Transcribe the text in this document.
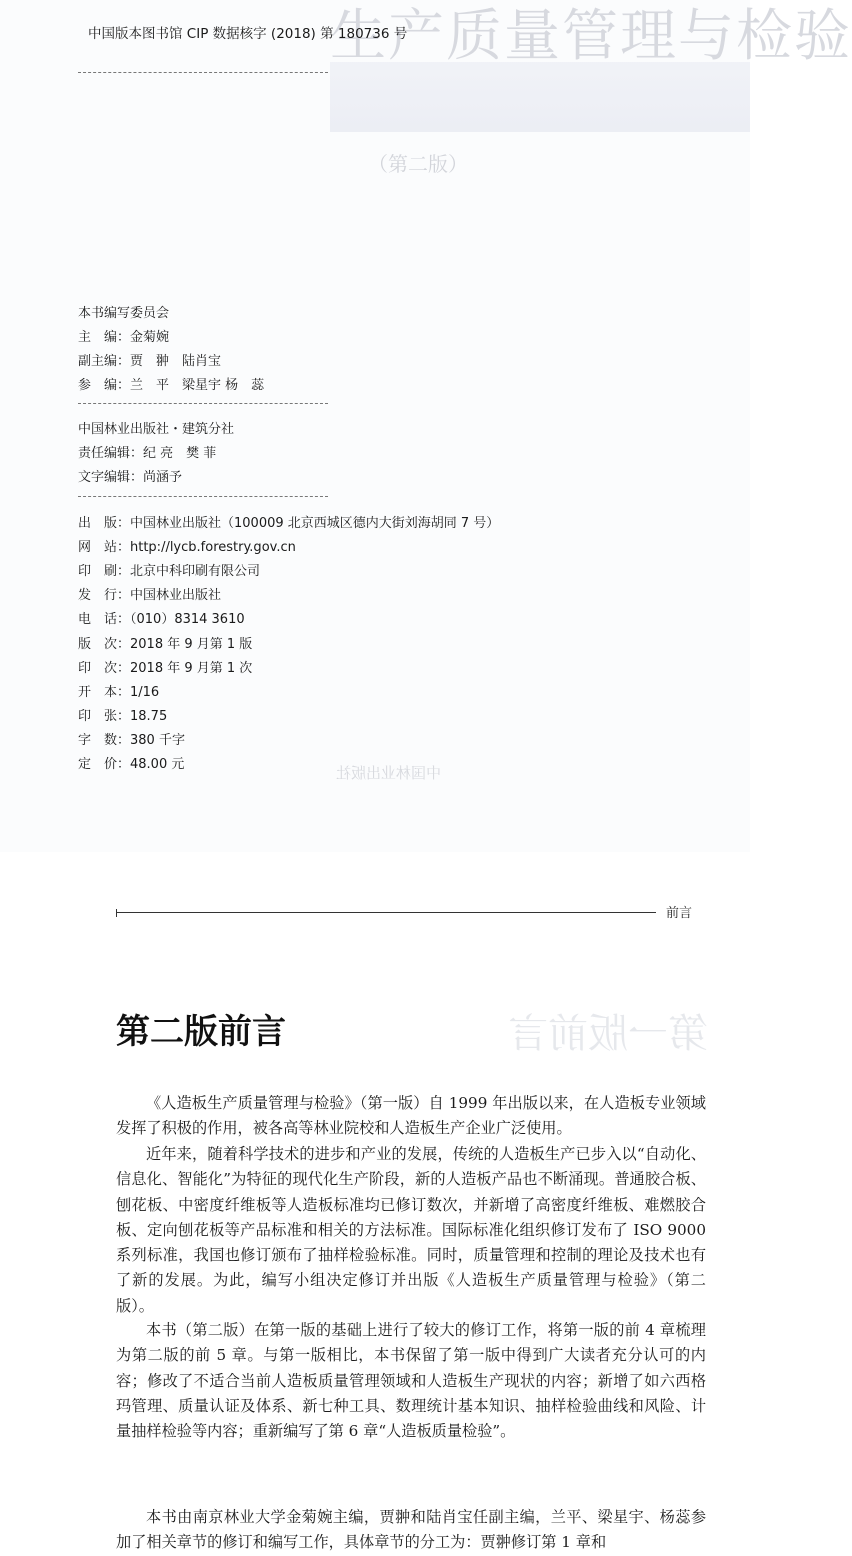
生产质量管理与检验
（第二版）
中国林业出版社
中国版本图书馆 CIP 数据核字 (2018) 第 180736 号
本书编写委员会
主　编：金菊婉
副主编：贾　翀　陆肖宝
参　编：兰　平　梁星宇 杨　蕊
中国林业出版社・建筑分社
责任编辑：纪 亮　樊 菲
文字编辑：尚涵予
出　版：中国林业出版社（100009 北京西城区德内大街刘海胡同 7 号）
网　站：http://lycb.forestry.gov.cn
印　刷：北京中科印刷有限公司
发　行：中国林业出版社
电　话：（010）8314 3610
版　次：2018 年 9 月第 1 版
印　次：2018 年 9 月第 1 次
开　本：1/16
印　张：18.75
字　数：380 千字
定　价：48.00 元
前言
第一版前言
第二版前言

《人造板生产质量管理与检验》（第一版）自 1999 年出版以来，在人造板专业领域发挥了积极的作用，被各高等林业院校和人造板生产企业广泛使用。

近年来，随着科学技术的进步和产业的发展，传统的人造板生产已步入以“自动化、信息化、智能化”为特征的现代化生产阶段，新的人造板产品也不断涌现。普通胶合板、刨花板、中密度纤维板等人造板标准均已修订数次，并新增了高密度纤维板、难燃胶合板、定向刨花板等产品标准和相关的方法标准。国际标准化组织修订发布了 ISO 9000 系列标准，我国也修订颁布了抽样检验标准。同时，质量管理和控制的理论及技术也有了新的发展。为此，编写小组决定修订并出版《人造板生产质量管理与检验》（第二版）。

本书（第二版）在第一版的基础上进行了较大的修订工作，将第一版的前 4 章梳理为第二版的前 5 章。与第一版相比，本书保留了第一版中得到广大读者充分认可的内容；修改了不适合当前人造板质量管理领域和人造板生产现状的内容；新增了如六西格玛管理、质量认证及体系、新七种工具、数理统计基本知识、抽样检验曲线和风险、计量抽样检验等内容；重新编写了第 6 章“人造板质量检验”。

本书由南京林业大学金菊婉主编，贾翀和陆肖宝任副主编，兰平、梁星宇、杨蕊参加了相关章节的修订和编写工作，具体章节的分工为：贾翀修订第 1 章和
